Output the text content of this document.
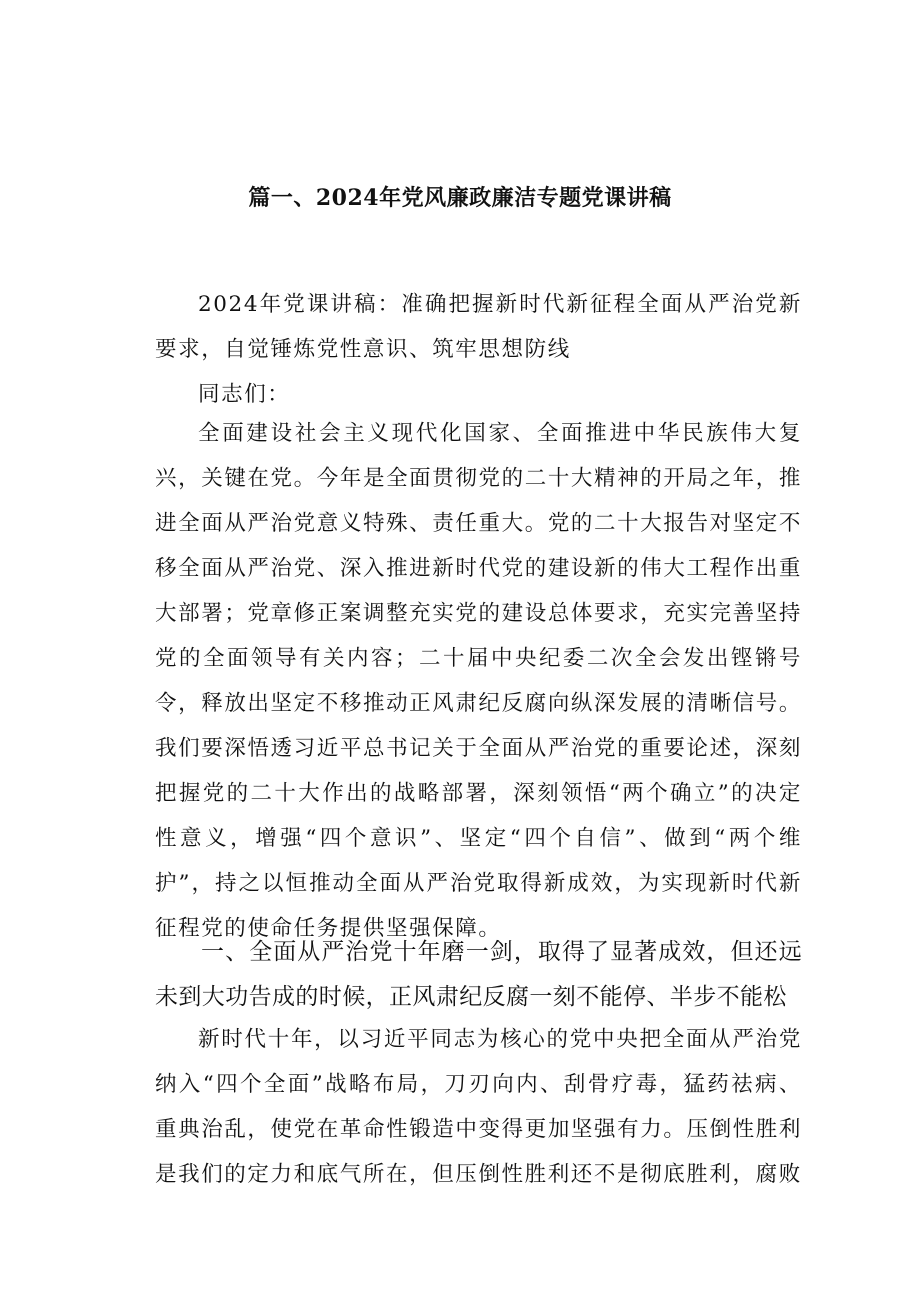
篇一、2024年党风廉政廉洁专题党课讲稿

2024年党课讲稿：准确把握新时代新征程全面从严治党新要求，自觉锤炼党性意识、筑牢思想防线

同志们：

全面建设社会主义现代化国家、全面推进中华民族伟大复兴，关键在党。今年是全面贯彻党的二十大精神的开局之年，推进全面从严治党意义特殊、责任重大。党的二十大报告对坚定不移全面从严治党、深入推进新时代党的建设新的伟大工程作出重大部署；党章修正案调整充实党的建设总体要求，充实完善坚持党的全面领导有关内容；二十届中央纪委二次全会发出铿锵号令，释放出坚定不移推动正风肃纪反腐向纵深发展的清晰信号。我们要深悟透习近平总书记关于全面从严治党的重要论述，深刻把握党的二十大作出的战略部署，深刻领悟“两个确立”的决定性意义，增强“四个意识”、坚定“四个自信”、做到“两个维护”，持之以恒推动全面从严治党取得新成效，为实现新时代新征程党的使命任务提供坚强保障。

一、全面从严治党十年磨一剑，取得了显著成效，但还远未到大功告成的时候，正风肃纪反腐一刻不能停、半步不能松

新时代十年，以习近平同志为核心的党中央把全面从严治党纳入“四个全面”战略布局，刀刃向内、刮骨疗毒，猛药祛病、重典治乱，使党在革命性锻造中变得更加坚强有力。压倒性胜利是我们的定力和底气所在，但压倒性胜利还不是彻底胜利，腐败
